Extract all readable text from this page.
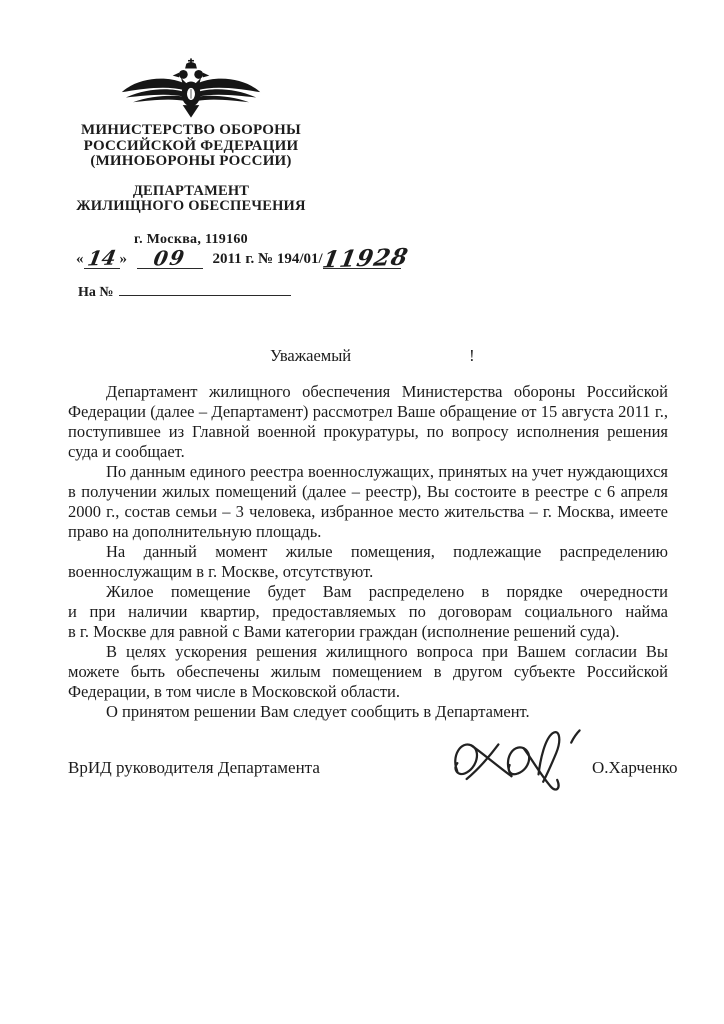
МИНИСТЕРСТВО ОБОРОНЫ
РОССИЙСКОЙ ФЕДЕРАЦИИ
(МИНОБОРОНЫ РОССИИ)
ДЕПАРТАМЕНТ
ЖИЛИЩНОГО ОБЕСПЕЧЕНИЯ
г. Москва, 119160
«14 » 09 2011 г. № 194/01/11928
На №
Уважаемый	!
Департамент жилищного обеспечения Министерства обороны Российской
Федерации (далее – Департамент) рассмотрел Ваше обращение от 15 августа 2011 г.,
поступившее из Главной военной прокуратуры, по вопросу исполнения решения
суда и сообщает.
По данным единого реестра военнослужащих, принятых на учет нуждающихся
в получении жилых помещений (далее – реестр), Вы состоите в реестре с 6 апреля
2000 г., состав семьи – 3 человека, избранное место жительства – г. Москва, имеете
право на дополнительную площадь.
На данный момент жилые помещения, подлежащие распределению
военнослужащим в г. Москве, отсутствуют.
Жилое помещение будет Вам распределено в порядке очередности
и при наличии квартир, предоставляемых по договорам социального найма
в г. Москве для равной с Вами категории граждан (исполнение решений суда).
В целях ускорения решения жилищного вопроса при Вашем согласии Вы
можете быть обеспечены жилым помещением в другом субъекте Российской
Федерации, в том числе в Московской области.
О принятом решении Вам следует сообщить в Департамент.
ВрИД руководителя Департамента	О.Харченко
